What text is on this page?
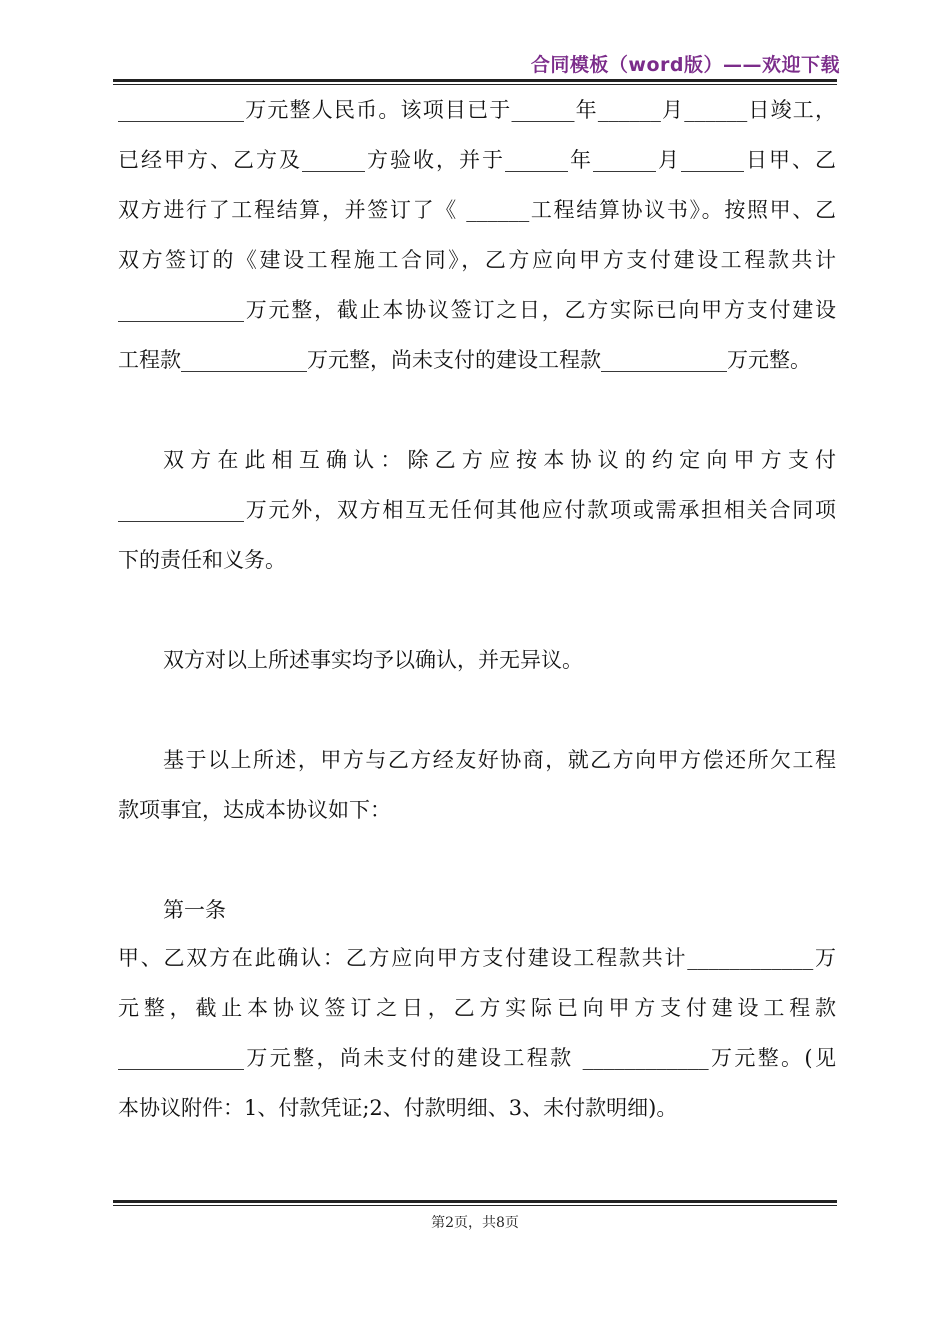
合同模板（word版）——欢迎下载
____________万元整人民币。该项目已于______年______月______日竣工，
已经甲方、乙方及______方验收，并于______年______月______日甲、乙
双方进行了工程结算，并签订了《 ______工程结算协议书》。按照甲、乙
双方签订的《建设工程施工合同》，乙方应向甲方支付建设工程款共计
____________万元整，截止本协议签订之日，乙方实际已向甲方支付建设
工程款____________万元整，尚未支付的建设工程款____________万元整。
双方在此相互确认：除乙方应按本协议的约定向甲方支付
____________万元外，双方相互无任何其他应付款项或需承担相关合同项
下的责任和义务。
双方对以上所述事实均予以确认，并无异议。
基于以上所述，甲方与乙方经友好协商，就乙方向甲方偿还所欠工程
款项事宜，达成本协议如下：
第一条
甲、乙双方在此确认：乙方应向甲方支付建设工程款共计____________万
元整，截止本协议签订之日，乙方实际已向甲方支付建设工程款
____________万元整，尚未支付的建设工程款 ____________万元整。(见
本协议附件：1、付款凭证;2、付款明细、3、未付款明细)。
第2页，共8页
